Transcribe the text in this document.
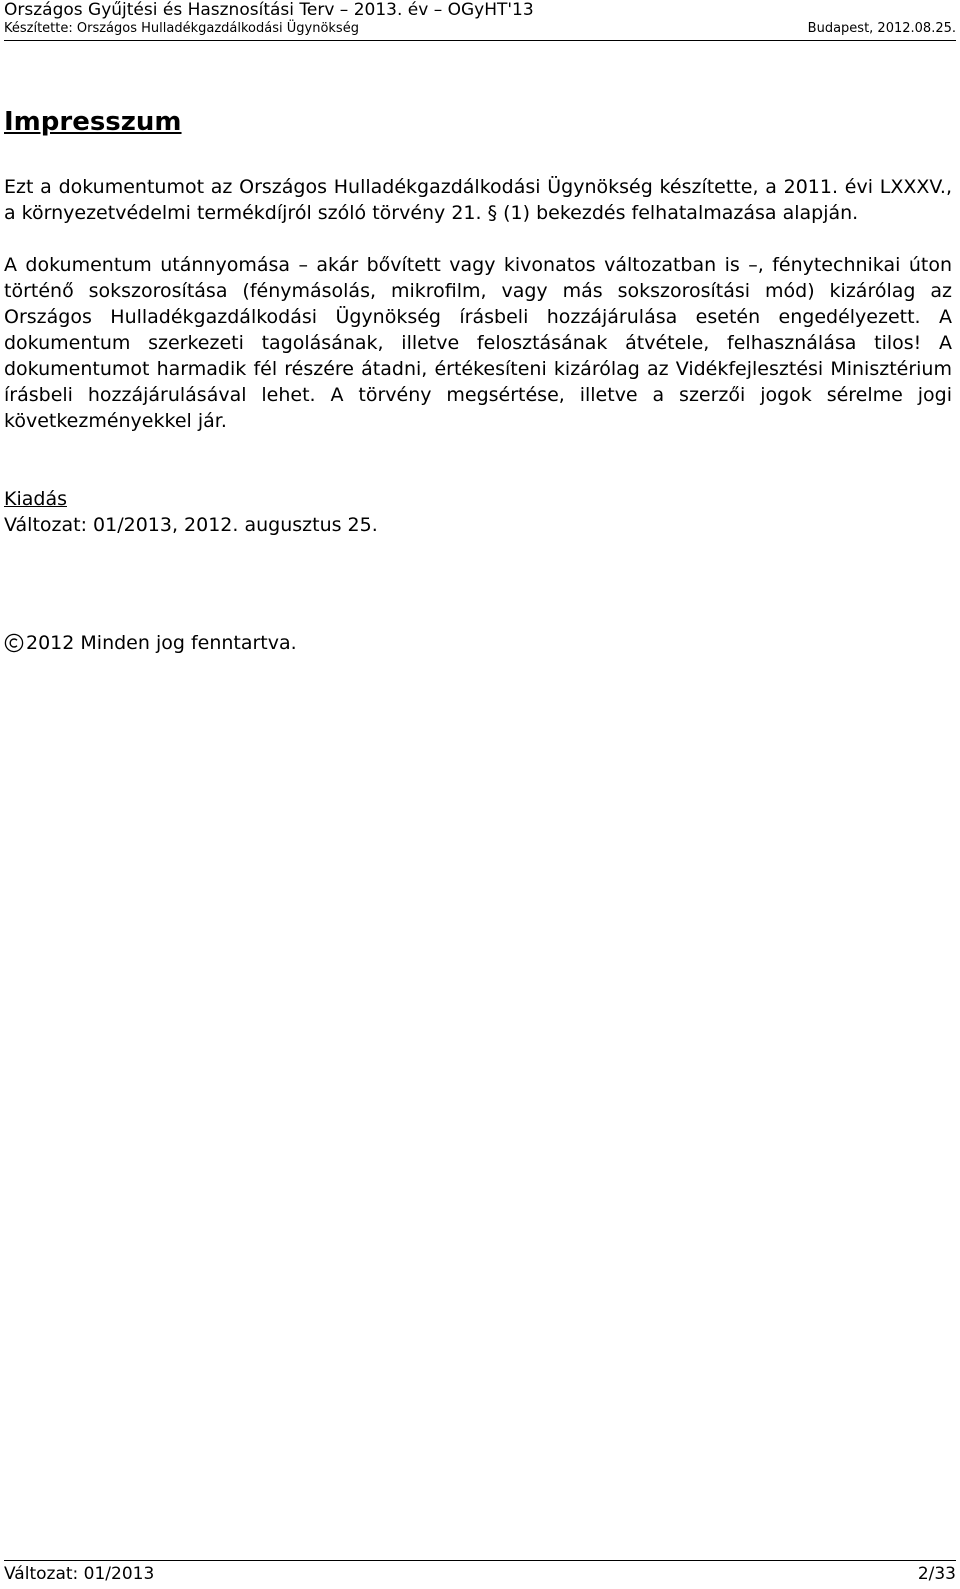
Országos Gyűjtési és Hasznosítási Terv – 2013. év – OGyHT'13
Készítette: Országos Hulladékgazdálkodási Ügynökség	Budapest, 2012.08.25.
Impresszum

Ezt a dokumentumot az Országos Hulladékgazdálkodási Ügynökség készítette, a 2011. évi LXXXV., a környezetvédelmi termékdíjról szóló törvény 21. § (1) bekezdés felhatalmazása alapján.

A dokumentum utánnyomása – akár bővített vagy kivonatos változatban is –, fénytechnikai úton történő sokszorosítása (fénymásolás, mikrofilm, vagy más sokszorosítási mód) kizárólag az Országos Hulladékgazdálkodási Ügynökség írásbeli hozzájárulása esetén engedélyezett. A dokumentum szerkezeti tagolásának, illetve felosztásának átvétele, felhasználása tilos! A dokumentumot harmadik fél részére átadni, értékesíteni kizárólag az Vidékfejlesztési Minisztérium írásbeli hozzájárulásával lehet. A törvény megsértése, illetve a szerzői jogok sérelme jogi következményekkel jár.

Kiadás
Változat: 01/2013, 2012. augusztus 25.
2012 Minden jog fenntartva.
Változat: 01/2013	2/33
